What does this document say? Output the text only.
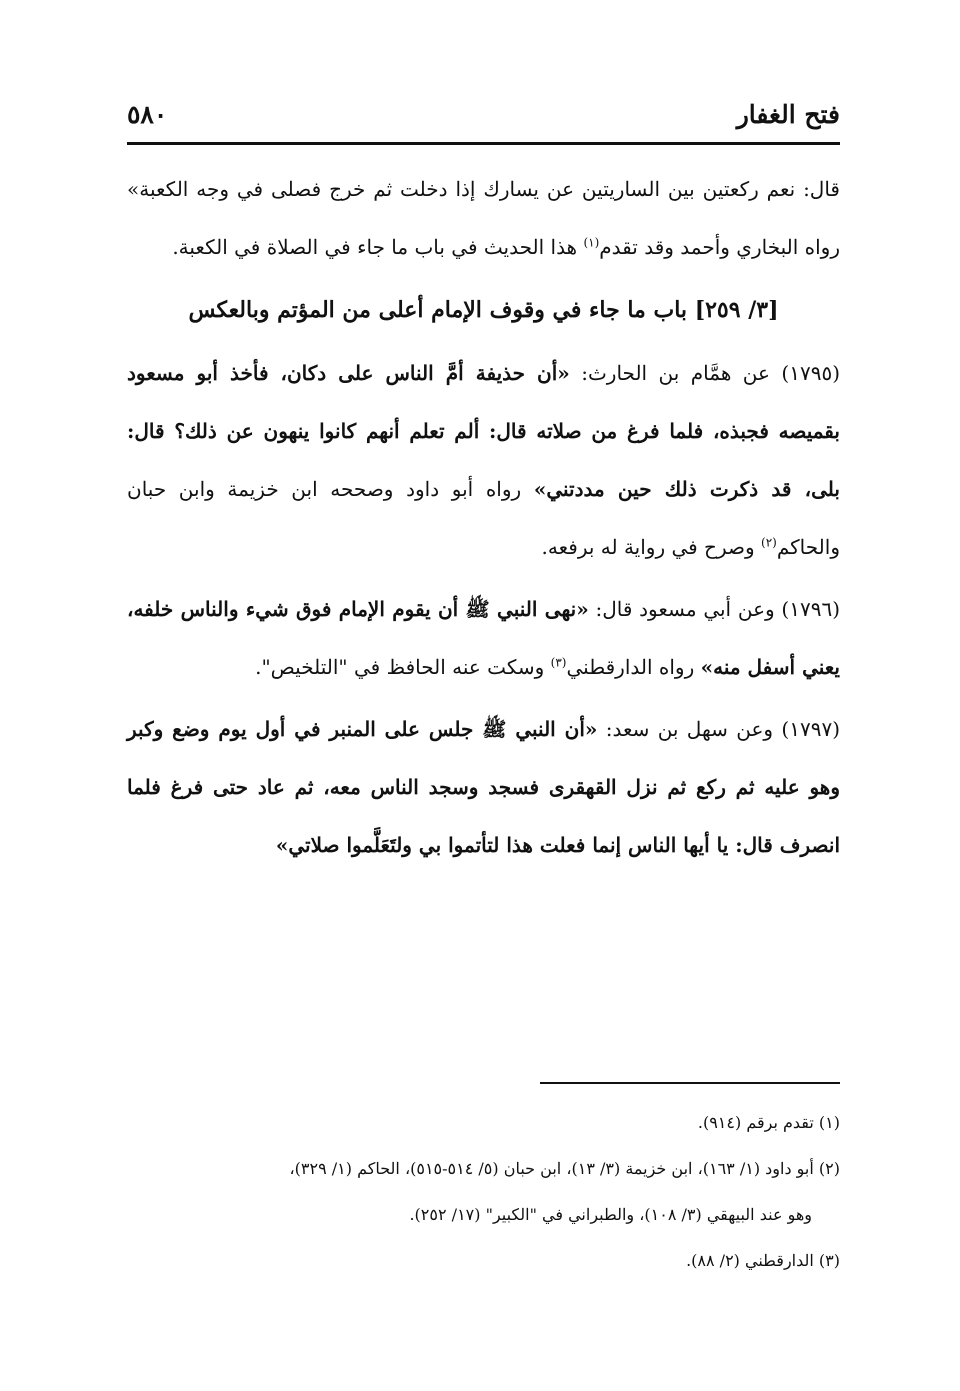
فتح الغفار
٥٨٠

قال: نعم ركعتين بين الساريتين عن يسارك إذا دخلت ثم خرج فصلى في وجه الكعبة» رواه البخاري وأحمد وقد تقدم$^{(١)}$ هذا الحديث في باب ما جاء في الصلاة في الكعبة.

[٣/ ٢٥٩] باب ما جاء في وقوف الإمام أعلى من المؤتم وبالعكس

(١٧٩٥) عن همَّام بن الحارث: «أن حذيفة أمَّ الناس على دكان، فأخذ أبو مسعود بقميصه فجبذه، فلما فرغ من صلاته قال: ألم تعلم أنهم كانوا ينهون عن ذلك؟ قال: بلى، قد ذكرت ذلك حين مددتني» رواه أبو داود وصححه ابن خزيمة وابن حبان والحاكم$^{(٢)}$ وصرح في رواية له برفعه.

(١٧٩٦) وعن أبي مسعود قال: «نهى النبي ﷺ أن يقوم الإمام فوق شيء والناس خلفه، يعني أسفل منه» رواه الدارقطني$^{(٣)}$ وسكت عنه الحافظ في "التلخيص".

(١٧٩٧) وعن سهل بن سعد: «أن النبي ﷺ جلس على المنبر في أول يوم وضع وكبر وهو عليه ثم ركع ثم نزل القهقرى فسجد وسجد الناس معه، ثم عاد حتى فرغ فلما انصرف قال: يا أيها الناس إنما فعلت هذا لتأتموا بي ولتَعَلَّموا صلاتي»

(١) تقدم برقم (٩١٤).

(٢) أبو داود (١/ ١٦٣)، ابن خزيمة (٣/ ١٣)، ابن حبان (٥/ ٥١٤-٥١٥)، الحاكم (١/ ٣٢٩)،

وهو عند البيهقي (٣/ ١٠٨)، والطبراني في "الكبير" (١٧/ ٢٥٢).

(٣) الدارقطني (٢/ ٨٨).
